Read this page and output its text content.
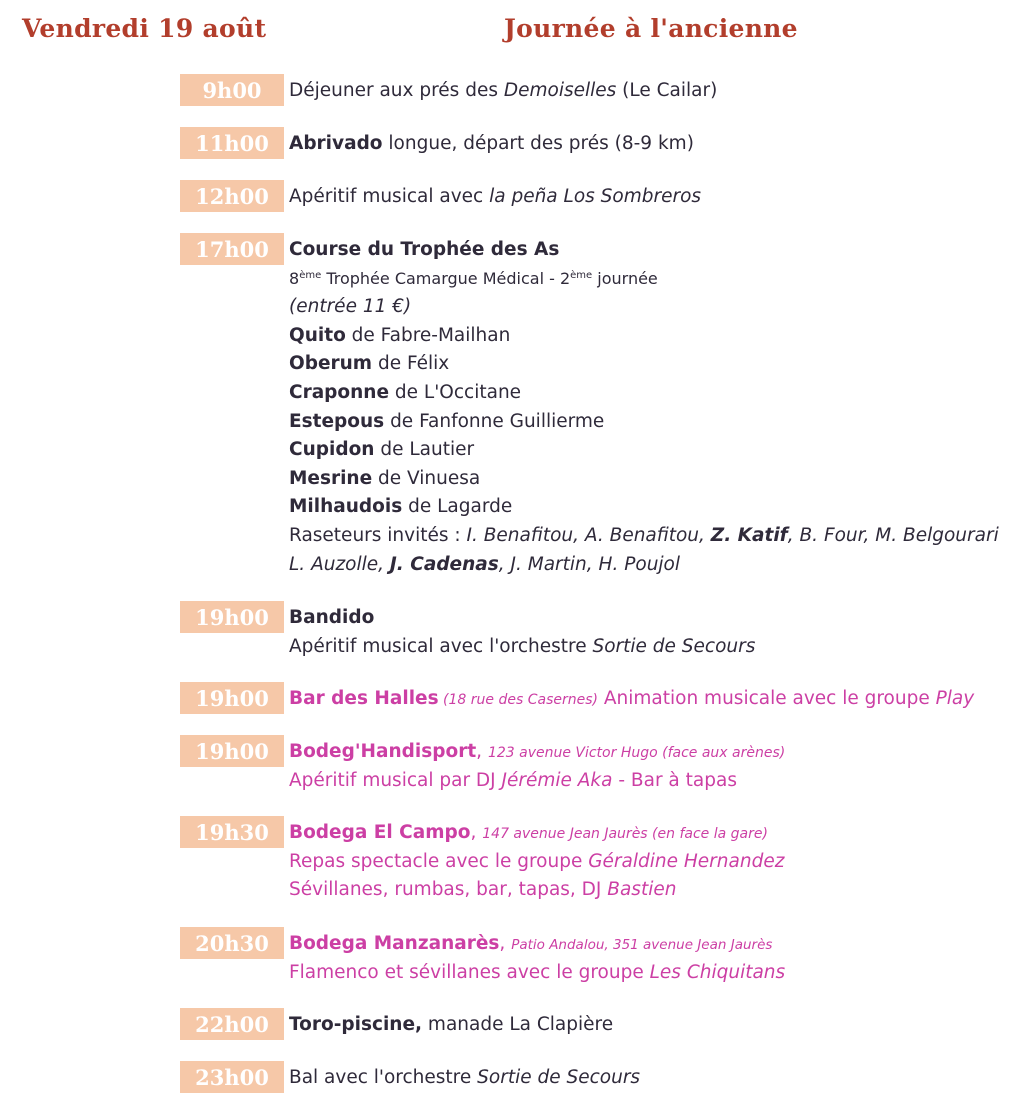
Vendredi 19 août	Journée à l'ancienne
9h00	Déjeuner aux prés des Demoiselles (Le Cailar)
11h00	Abrivado longue, départ des prés (8-9 km)
12h00	Apéritif musical avec la peña Los Sombreros
17h00	Course du Trophée des As
8ème Trophée Camargue Médical - 2ème journée
(entrée 11 €)
Quito de Fabre-Mailhan
Oberum de Félix
Craponne de L'Occitane
Estepous de Fanfonne Guillierme
Cupidon de Lautier
Mesrine de Vinuesa
Milhaudois de Lagarde
Raseteurs invités : I. Benafitou, A. Benafitou, Z. Katif, B. Four, M. Belgourari
L. Auzolle, J. Cadenas, J. Martin, H. Poujol
19h00	Bandido
Apéritif musical avec l'orchestre Sortie de Secours
19h00	Bar des Halles (18 rue des Casernes) Animation musicale avec le groupe Play
19h00	Bodeg'Handisport, 123 avenue Victor Hugo (face aux arènes)
Apéritif musical par DJ Jérémie Aka - Bar à tapas
19h30	Bodega El Campo, 147 avenue Jean Jaurès (en face la gare)
Repas spectacle avec le groupe Géraldine Hernandez
Sévillanes, rumbas, bar, tapas, DJ Bastien
20h30	Bodega Manzanarès, Patio Andalou, 351 avenue Jean Jaurès
Flamenco et sévillanes avec le groupe Les Chiquitans
22h00	Toro-piscine, manade La Clapière
23h00	Bal avec l'orchestre Sortie de Secours
